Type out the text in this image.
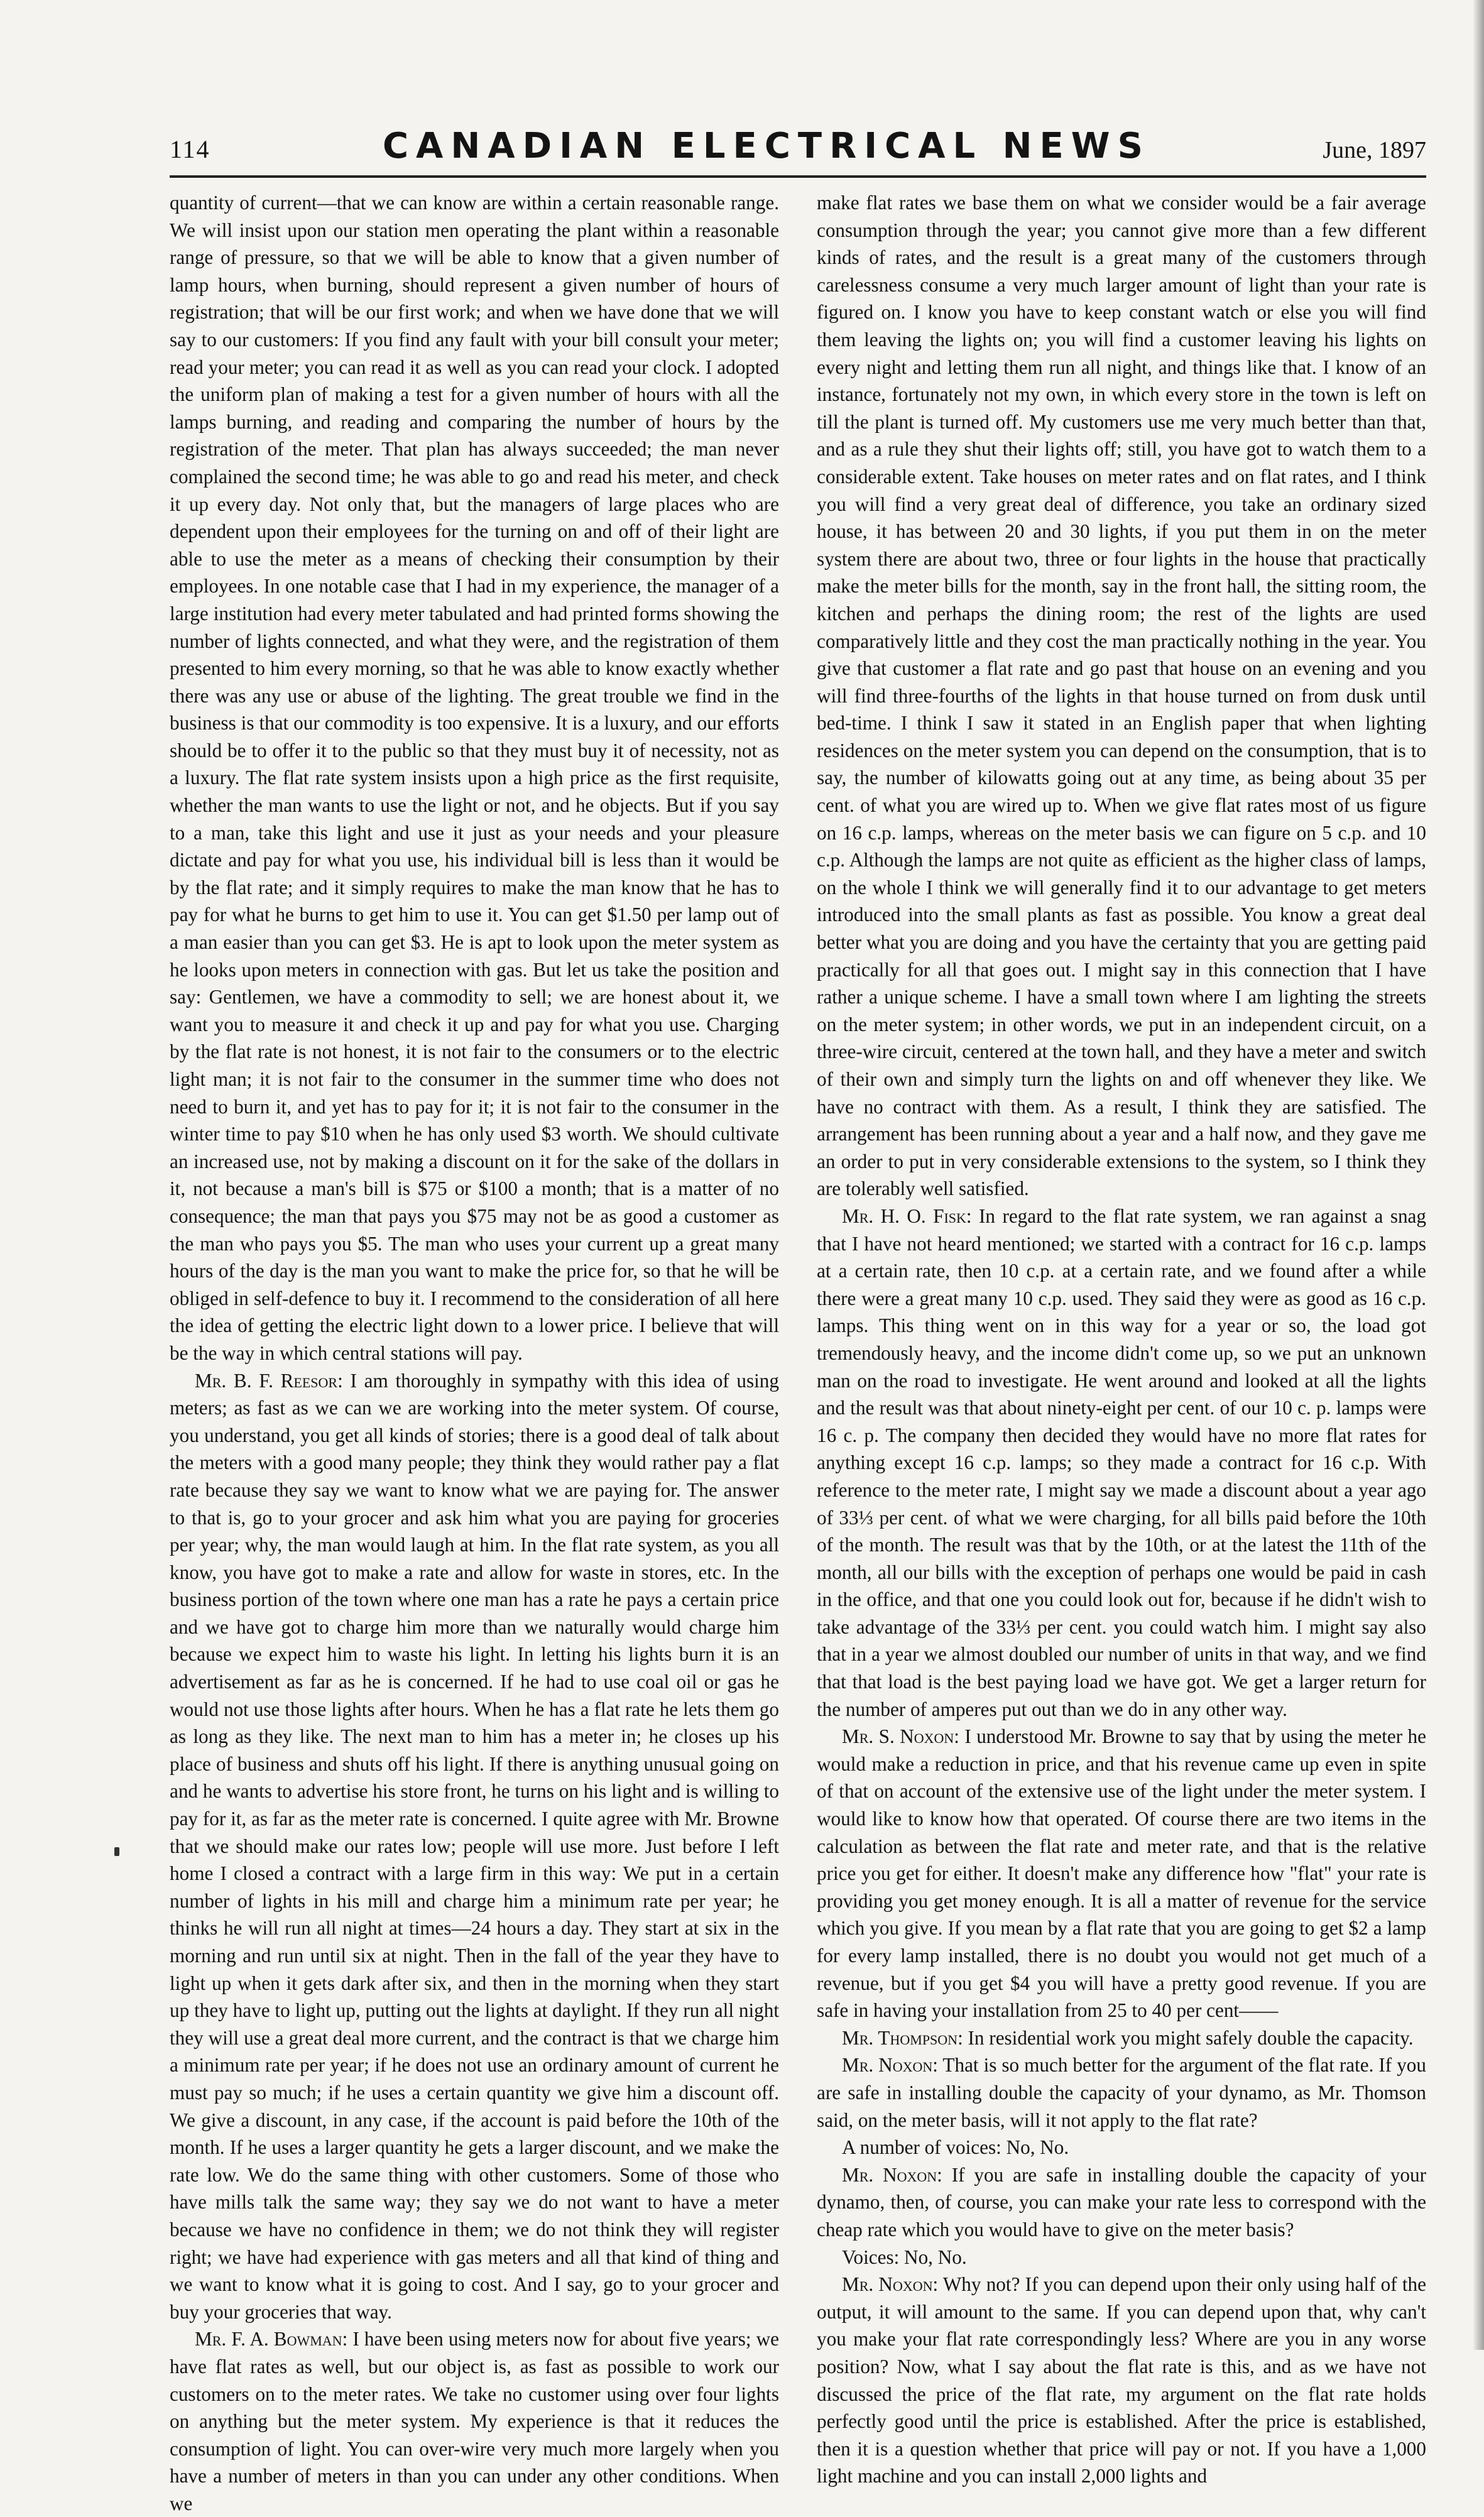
114	CANADIAN ELECTRICAL NEWS	June, 1897

quantity of current—that we can know are within a certain reasonable range. We will insist upon our station men operating the plant within a reasonable range of pressure, so that we will be able to know that a given number of lamp hours, when burning, should represent a given number of hours of registration; that will be our first work; and when we have done that we will say to our customers: If you find any fault with your bill consult your meter; read your meter; you can read it as well as you can read your clock. I adopted the uniform plan of making a test for a given number of hours with all the lamps burning, and reading and comparing the number of hours by the registration of the meter. That plan has always succeeded; the man never complained the second time; he was able to go and read his meter, and check it up every day. Not only that, but the managers of large places who are dependent upon their employees for the turning on and off of their light are able to use the meter as a means of checking their consumption by their employees. In one notable case that I had in my experience, the manager of a large institution had every meter tabulated and had printed forms showing the number of lights connected, and what they were, and the registration of them presented to him every morning, so that he was able to know exactly whether there was any use or abuse of the lighting. The great trouble we find in the business is that our commodity is too expensive. It is a luxury, and our efforts should be to offer it to the public so that they must buy it of necessity, not as a luxury. The flat rate system insists upon a high price as the first requisite, whether the man wants to use the light or not, and he objects. But if you say to a man, take this light and use it just as your needs and your pleasure dictate and pay for what you use, his individual bill is less than it would be by the flat rate; and it simply requires to make the man know that he has to pay for what he burns to get him to use it. You can get $1.50 per lamp out of a man easier than you can get $3. He is apt to look upon the meter system as he looks upon meters in connection with gas. But let us take the position and say: Gentlemen, we have a commodity to sell; we are honest about it, we want you to measure it and check it up and pay for what you use. Charging by the flat rate is not honest, it is not fair to the consumers or to the electric light man; it is not fair to the consumer in the summer time who does not need to burn it, and yet has to pay for it; it is not fair to the consumer in the winter time to pay $10 when he has only used $3 worth. We should cultivate an increased use, not by making a discount on it for the sake of the dollars in it, not because a man's bill is $75 or $100 a month; that is a matter of no consequence; the man that pays you $75 may not be as good a customer as the man who pays you $5. The man who uses your current up a great many hours of the day is the man you want to make the price for, so that he will be obliged in self-defence to buy it. I recommend to the consideration of all here the idea of getting the electric light down to a lower price. I believe that will be the way in which central stations will pay.

Mr. B. F. Reesor: I am thoroughly in sympathy with this idea of using meters; as fast as we can we are working into the meter system. Of course, you understand, you get all kinds of stories; there is a good deal of talk about the meters with a good many people; they think they would rather pay a flat rate because they say we want to know what we are paying for. The answer to that is, go to your grocer and ask him what you are paying for groceries per year; why, the man would laugh at him. In the flat rate system, as you all know, you have got to make a rate and allow for waste in stores, etc. In the business portion of the town where one man has a rate he pays a certain price and we have got to charge him more than we naturally would charge him because we expect him to waste his light. In letting his lights burn it is an advertisement as far as he is concerned. If he had to use coal oil or gas he would not use those lights after hours. When he has a flat rate he lets them go as long as they like. The next man to him has a meter in; he closes up his place of business and shuts off his light. If there is anything unusual going on and he wants to advertise his store front, he turns on his light and is willing to pay for it, as far as the meter rate is concerned. I quite agree with Mr. Browne that we should make our rates low; people will use more. Just before I left home I closed a contract with a large firm in this way: We put in a certain number of lights in his mill and charge him a minimum rate per year; he thinks he will run all night at times—24 hours a day. They start at six in the morning and run until six at night. Then in the fall of the year they have to light up when it gets dark after six, and then in the morning when they start up they have to light up, putting out the lights at daylight. If they run all night they will use a great deal more current, and the contract is that we charge him a minimum rate per year; if he does not use an ordinary amount of current he must pay so much; if he uses a certain quantity we give him a discount off. We give a discount, in any case, if the account is paid before the 10th of the month. If he uses a larger quantity he gets a larger discount, and we make the rate low. We do the same thing with other customers. Some of those who have mills talk the same way; they say we do not want to have a meter because we have no confidence in them; we do not think they will register right; we have had experience with gas meters and all that kind of thing and we want to know what it is going to cost. And I say, go to your grocer and buy your groceries that way.

Mr. F. A. Bowman: I have been using meters now for about five years; we have flat rates as well, but our object is, as fast as possible to work our customers on to the meter rates. We take no customer using over four lights on anything but the meter system. My experience is that it reduces the consumption of light. You can over-wire very much more largely when you have a number of meters in than you can under any other conditions. When we

make flat rates we base them on what we consider would be a fair average consumption through the year; you cannot give more than a few different kinds of rates, and the result is a great many of the customers through carelessness consume a very much larger amount of light than your rate is figured on. I know you have to keep constant watch or else you will find them leaving the lights on; you will find a customer leaving his lights on every night and letting them run all night, and things like that. I know of an instance, fortunately not my own, in which every store in the town is left on till the plant is turned off. My customers use me very much better than that, and as a rule they shut their lights off; still, you have got to watch them to a considerable extent. Take houses on meter rates and on flat rates, and I think you will find a very great deal of difference, you take an ordinary sized house, it has between 20 and 30 lights, if you put them in on the meter system there are about two, three or four lights in the house that practically make the meter bills for the month, say in the front hall, the sitting room, the kitchen and perhaps the dining room; the rest of the lights are used comparatively little and they cost the man practically nothing in the year. You give that customer a flat rate and go past that house on an evening and you will find three-fourths of the lights in that house turned on from dusk until bed-time. I think I saw it stated in an English paper that when lighting residences on the meter system you can depend on the consumption, that is to say, the number of kilowatts going out at any time, as being about 35 per cent. of what you are wired up to. When we give flat rates most of us figure on 16 c.p. lamps, whereas on the meter basis we can figure on 5 c.p. and 10 c.p. Although the lamps are not quite as efficient as the higher class of lamps, on the whole I think we will generally find it to our advantage to get meters introduced into the small plants as fast as possible. You know a great deal better what you are doing and you have the certainty that you are getting paid practically for all that goes out. I might say in this connection that I have rather a unique scheme. I have a small town where I am lighting the streets on the meter system; in other words, we put in an independent circuit, on a three-wire circuit, centered at the town hall, and they have a meter and switch of their own and simply turn the lights on and off whenever they like. We have no contract with them. As a result, I think they are satisfied. The arrangement has been running about a year and a half now, and they gave me an order to put in very considerable extensions to the system, so I think they are tolerably well satisfied.

Mr. H. O. Fisk: In regard to the flat rate system, we ran against a snag that I have not heard mentioned; we started with a contract for 16 c.p. lamps at a certain rate, then 10 c.p. at a certain rate, and we found after a while there were a great many 10 c.p. used. They said they were as good as 16 c.p. lamps. This thing went on in this way for a year or so, the load got tremendously heavy, and the income didn't come up, so we put an unknown man on the road to investigate. He went around and looked at all the lights and the result was that about ninety-eight per cent. of our 10 c. p. lamps were 16 c. p. The company then decided they would have no more flat rates for anything except 16 c.p. lamps; so they made a contract for 16 c.p. With reference to the meter rate, I might say we made a discount about a year ago of 33⅓ per cent. of what we were charging, for all bills paid before the 10th of the month. The result was that by the 10th, or at the latest the 11th of the month, all our bills with the exception of perhaps one would be paid in cash in the office, and that one you could look out for, because if he didn't wish to take advantage of the 33⅓ per cent. you could watch him. I might say also that in a year we almost doubled our number of units in that way, and we find that that load is the best paying load we have got. We get a larger return for the number of amperes put out than we do in any other way.

Mr. S. Noxon: I understood Mr. Browne to say that by using the meter he would make a reduction in price, and that his revenue came up even in spite of that on account of the extensive use of the light under the meter system. I would like to know how that operated. Of course there are two items in the calculation as between the flat rate and meter rate, and that is the relative price you get for either. It doesn't make any difference how "flat" your rate is providing you get money enough. It is all a matter of revenue for the service which you give. If you mean by a flat rate that you are going to get $2 a lamp for every lamp installed, there is no doubt you would not get much of a revenue, but if you get $4 you will have a pretty good revenue. If you are safe in having your installation from 25 to 40 per cent——

Mr. Thompson: In residential work you might safely double the capacity.

Mr. Noxon: That is so much better for the argument of the flat rate. If you are safe in installing double the capacity of your dynamo, as Mr. Thomson said, on the meter basis, will it not apply to the flat rate?

A number of voices: No, No.

Mr. Noxon: If you are safe in installing double the capacity of your dynamo, then, of course, you can make your rate less to correspond with the cheap rate which you would have to give on the meter basis?

Voices: No, No.

Mr. Noxon: Why not? If you can depend upon their only using half of the output, it will amount to the same. If you can depend upon that, why can't you make your flat rate correspondingly less? Where are you in any worse position? Now, what I say about the flat rate is this, and as we have not discussed the price of the flat rate, my argument on the flat rate holds perfectly good until the price is established. After the price is established, then it is a question whether that price will pay or not. If you have a 1,000 light machine and you can install 2,000 lights and
